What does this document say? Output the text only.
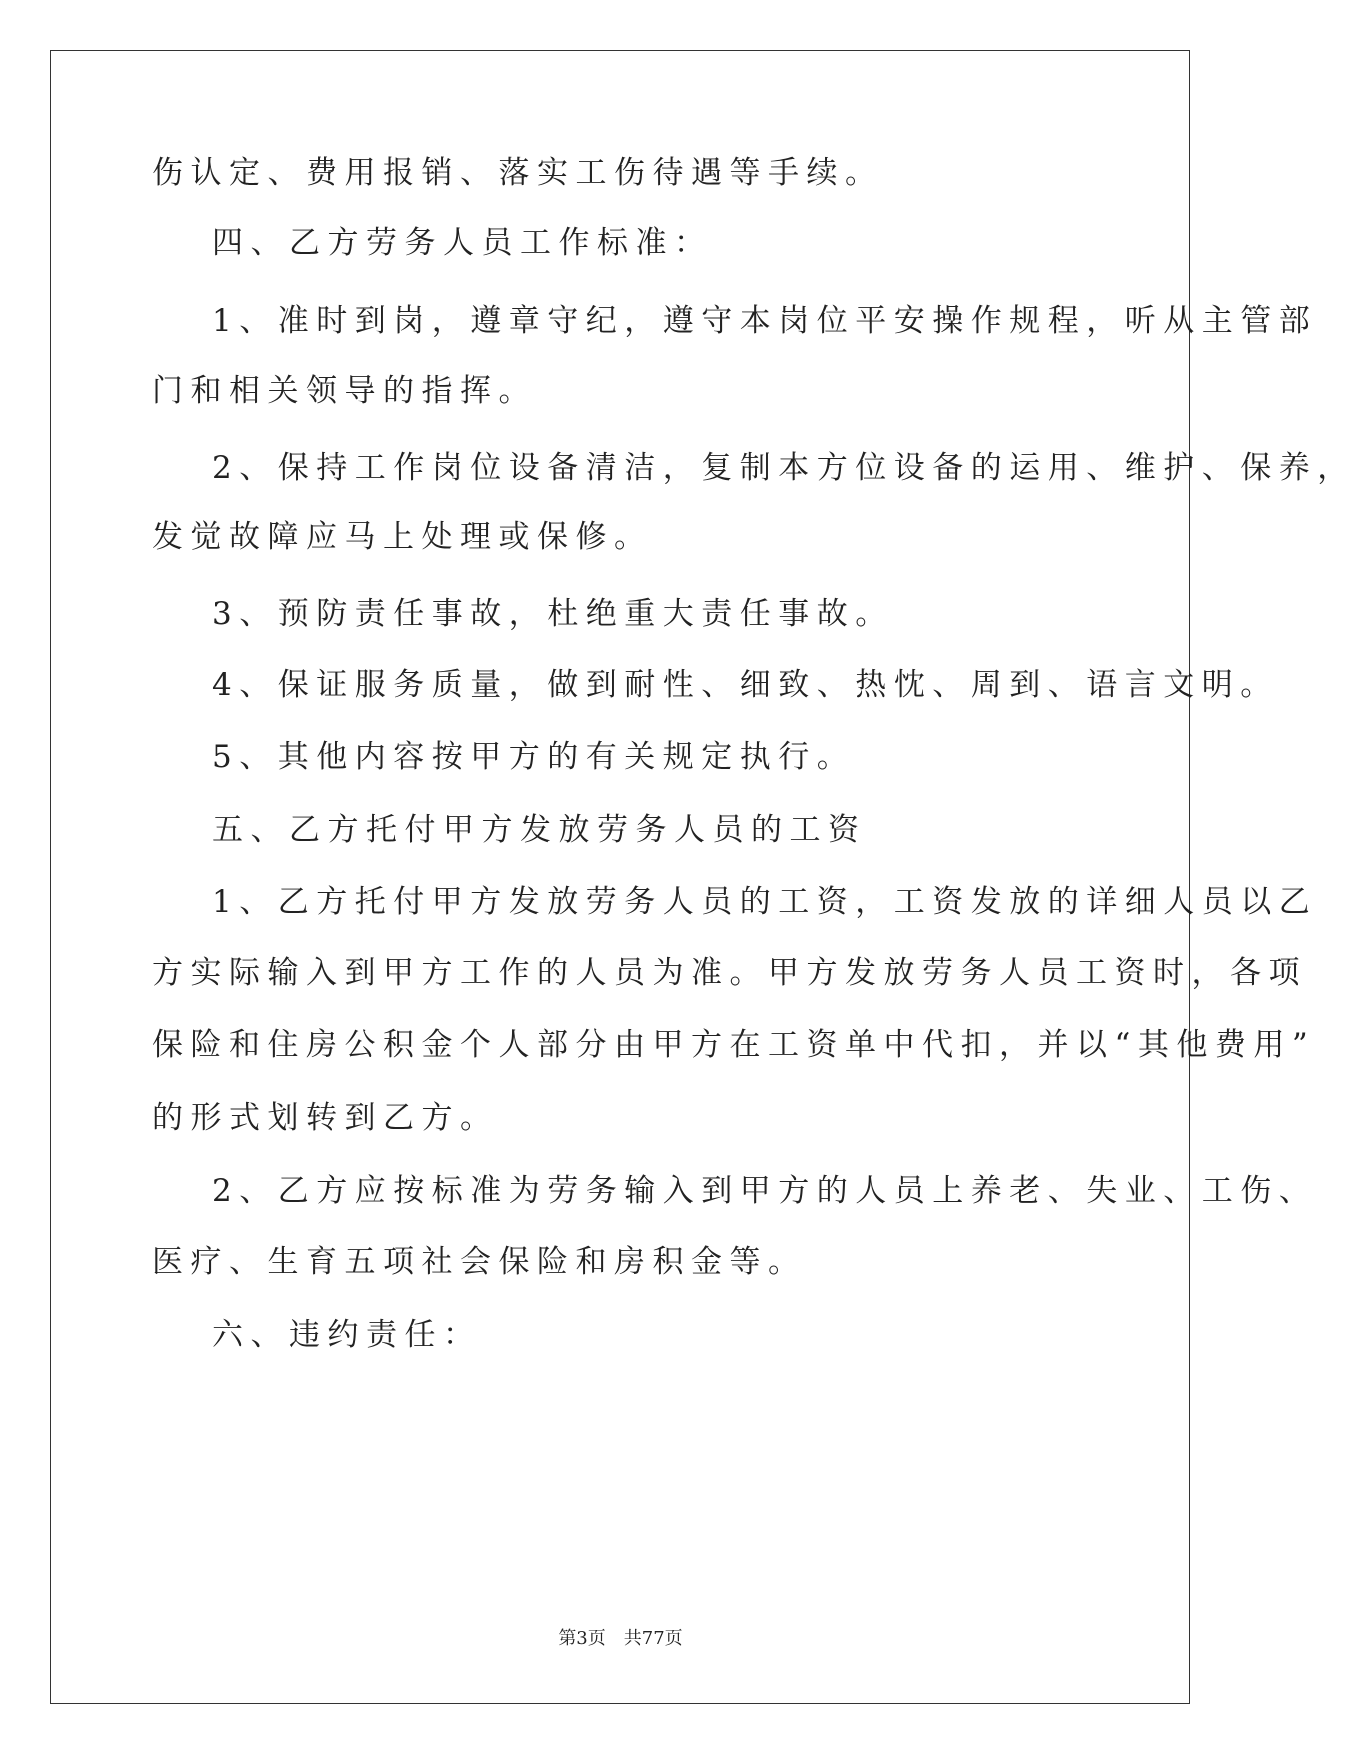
伤认定、费用报销、落实工伤待遇等手续。
四、乙方劳务人员工作标准：
1、准时到岗，遵章守纪，遵守本岗位平安操作规程，听从主管部
门和相关领导的指挥。
2、保持工作岗位设备清洁，复制本方位设备的运用、维护、保养，
发觉故障应马上处理或保修。
3、预防责任事故，杜绝重大责任事故。
4、保证服务质量，做到耐性、细致、热忱、周到、语言文明。
5、其他内容按甲方的有关规定执行。
五、乙方托付甲方发放劳务人员的工资
1、乙方托付甲方发放劳务人员的工资，工资发放的详细人员以乙
方实际输入到甲方工作的人员为准。甲方发放劳务人员工资时，各项
保险和住房公积金个人部分由甲方在工资单中代扣，并以“其他费用”
的形式划转到乙方。
2、乙方应按标准为劳务输入到甲方的人员上养老、失业、工伤、
医疗、生育五项社会保险和房积金等。
六、违约责任：
第3页　共77页
